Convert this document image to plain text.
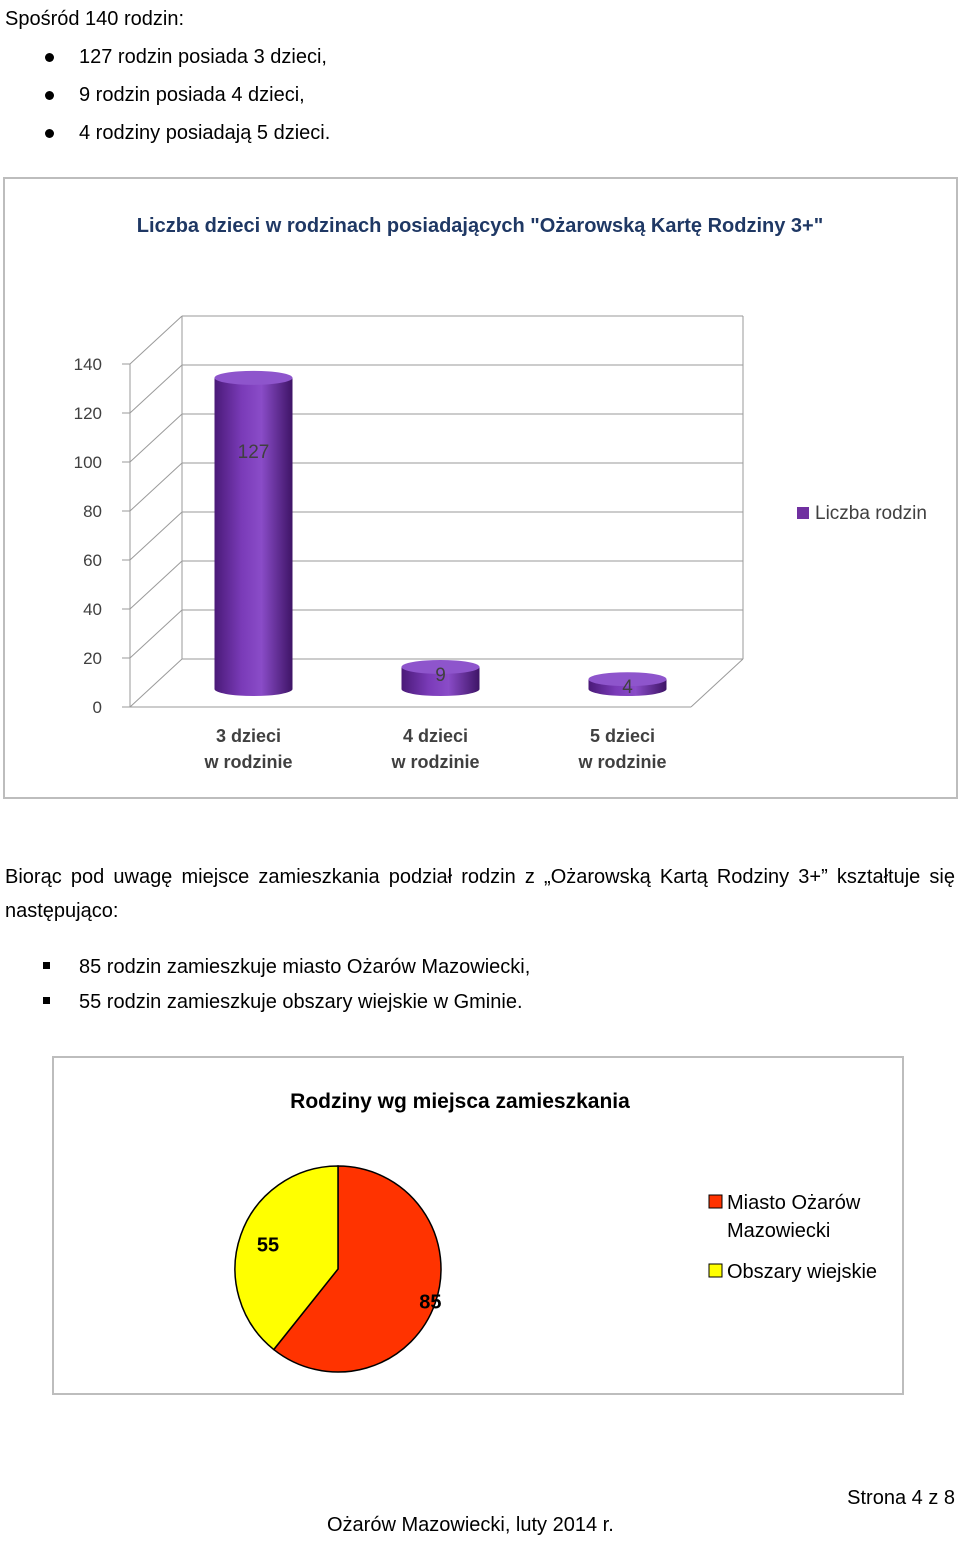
Spośród 140 rodzin:
127 rodzin posiada 3 dzieci,
9 rodzin posiada 4 dzieci,
4 rodziny posiadają 5 dzieci.
Liczba dzieci w rodzinach posiadających "Ożarowską Kartę Rodziny 3+"
0
20
40
60
80
100
120
140
127
3 dzieci
w rodzinie
9
4 dzieci
w rodzinie
4
5 dzieci
w rodzinie
Liczba rodzin
Biorąc pod uwagę miejsce zamieszkania podział rodzin z „Ożarowską Kartą Rodziny 3+” kształtuje się następująco:
85 rodzin zamieszkuje miasto Ożarów Mazowiecki,
55 rodzin zamieszkuje obszary wiejskie w Gminie.
Rodziny wg miejsca zamieszkania
85
55
Miasto Ożarów
Mazowiecki
Obszary wiejskie
Strona 4 z 8
Ożarów Mazowiecki, luty 2014 r.
